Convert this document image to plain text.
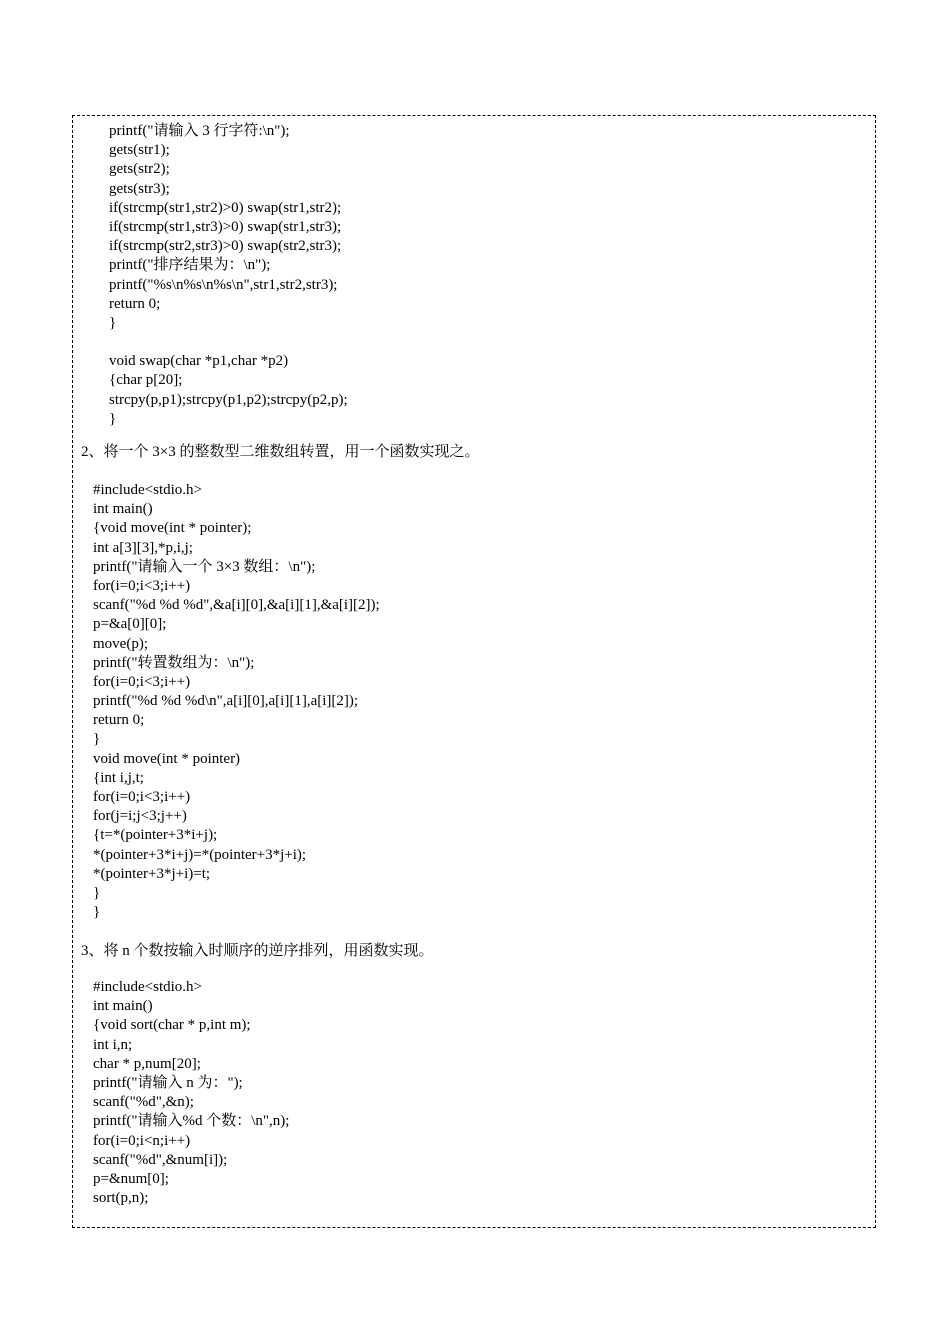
printf("请输入 3 行字符:\n");
gets(str1);
gets(str2);
gets(str3);
if(strcmp(str1,str2)>0) swap(str1,str2);
if(strcmp(str1,str3)>0) swap(str1,str3);
if(strcmp(str2,str3)>0) swap(str2,str3);
printf("排序结果为：\n");
printf("%s\n%s\n%s\n",str1,str2,str3);
return 0;
}
void swap(char *p1,char *p2)
{char p[20];
strcpy(p,p1);strcpy(p1,p2);strcpy(p2,p);
}
2、将一个 3×3 的整数型二维数组转置，用一个函数实现之。
#include<stdio.h>
int main()
{void move(int * pointer);
int a[3][3],*p,i,j;
printf("请输入一个 3×3 数组：\n");
for(i=0;i<3;i++)
scanf("%d %d %d",&a[i][0],&a[i][1],&a[i][2]);
p=&a[0][0];
move(p);
printf("转置数组为：\n");
for(i=0;i<3;i++)
printf("%d %d %d\n",a[i][0],a[i][1],a[i][2]);
return 0;
}
void move(int * pointer)
{int i,j,t;
for(i=0;i<3;i++)
for(j=i;j<3;j++)
{t=*(pointer+3*i+j);
*(pointer+3*i+j)=*(pointer+3*j+i);
*(pointer+3*j+i)=t;
}
}
3、将 n 个数按输入时顺序的逆序排列，用函数实现。
#include<stdio.h>
int main()
{void sort(char * p,int m);
int i,n;
char * p,num[20];
printf("请输入 n 为：");
scanf("%d",&n);
printf("请输入%d 个数：\n",n);
for(i=0;i<n;i++)
scanf("%d",&num[i]);
p=&num[0];
sort(p,n);
